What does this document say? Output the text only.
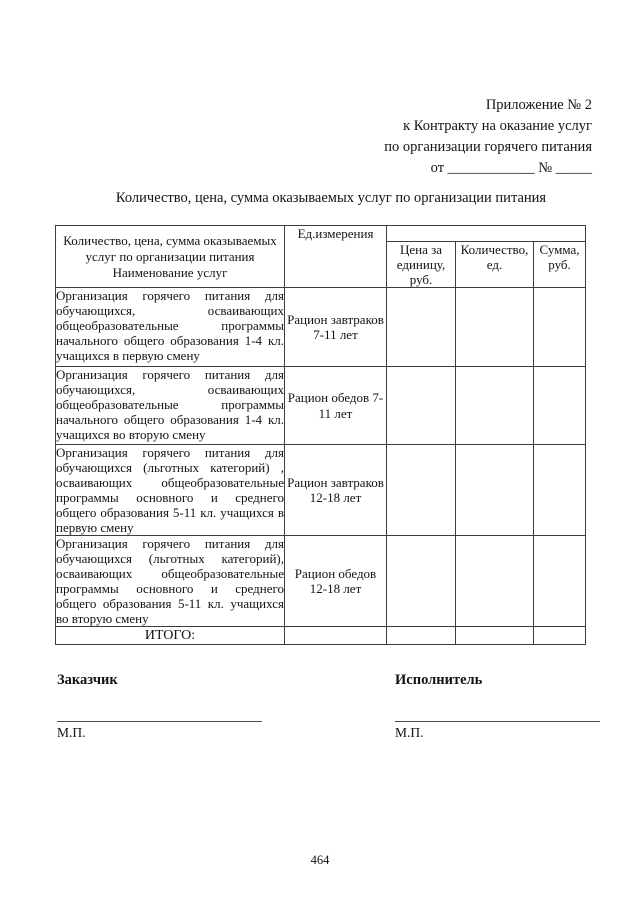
Приложение № 2
к Контракту на оказание услуг
по организации горячего питания
от ____________ № _____
Количество, цена, сумма оказываемых услуг по организации питания
Количество, цена, сумма оказываемых услуг по организации питания Наименование услуг	Ед.измерения			
		Цена за единицу, руб.	Количество, ед.	Сумма, руб.
Организация горячего питания для обучающихся, осваивающих общеобразовательные программы начального общего образования 1-4 кл. учащихся в первую смену	Рацион завтраков 7-11 лет			
Организация горячего питания для обучающихся, осваивающих общеобразовательные программы начального общего образования 1-4 кл. учащихся во вторую смену	Рацион обедов 7-11 лет			
Организация горячего питания для обучающихся (льготных категорий) , осваивающих общеобразовательные программы основного и среднего общего образования 5-11 кл. учащихся в первую смену	Рацион завтраков 12-18 лет			
Организация горячего питания для обучающихся (льготных категорий), осваивающих общеобразовательные программы основного и среднего общего образования 5-11 кл. учащихся во вторую смену	Рацион обедов 12-18 лет			
ИТОГО:				
Заказчик
М.П.
Исполнитель
М.П.
464
